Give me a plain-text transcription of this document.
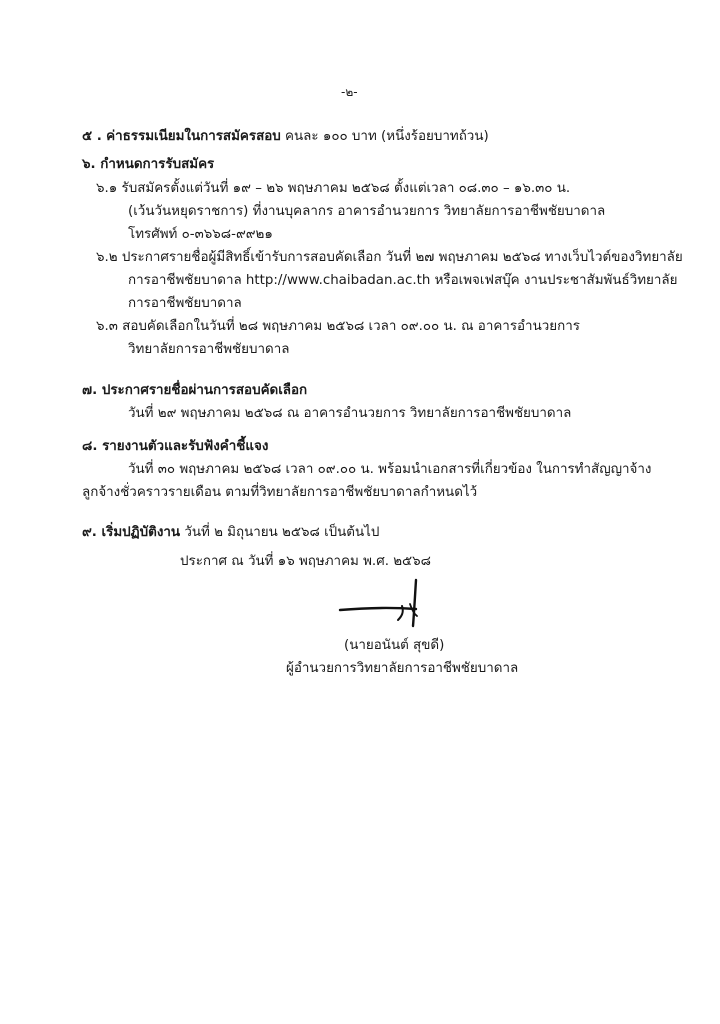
-๒-
๕ . ค่าธรรมเนียมในการสมัครสอบ คนละ ๑๐๐ บาท (หนึ่งร้อยบาทถ้วน)
๖. กำหนดการรับสมัคร
๖.๑ รับสมัครตั้งแต่วันที่ ๑๙ – ๒๖ พฤษภาคม ๒๕๖๘ ตั้งแต่เวลา ๐๘.๓๐ – ๑๖.๓๐ น.
(เว้นวันหยุดราชการ) ที่งานบุคลากร อาคารอำนวยการ วิทยาลัยการอาชีพชัยบาดาล
โทรศัพท์ ๐-๓๖๖๘-๙๙๒๑
๖.๒ ประกาศรายชื่อผู้มีสิทธิ์เข้ารับการสอบคัดเลือก วันที่ ๒๗ พฤษภาคม ๒๕๖๘ ทางเว็บไวต์ของวิทยาลัย
การอาชีพชัยบาดาล http://www.chaibadan.ac.th หรือเพจเฟสบุ๊ค งานประชาสัมพันธ์วิทยาลัย
การอาชีพชัยบาดาล
๖.๓ สอบคัดเลือกในวันที่ ๒๘ พฤษภาคม ๒๕๖๘ เวลา ๐๙.๐๐ น. ณ อาคารอำนวยการ
วิทยาลัยการอาชีพชัยบาดาล
๗. ประกาศรายชื่อผ่านการสอบคัดเลือก
วันที่ ๒๙ พฤษภาคม ๒๕๖๘ ณ อาคารอำนวยการ วิทยาลัยการอาชีพชัยบาดาล
๘. รายงานตัวและรับฟังคำชี้แจง
วันที่ ๓๐ พฤษภาคม ๒๕๖๘ เวลา ๐๙.๐๐ น. พร้อมนำเอกสารที่เกี่ยวข้อง ในการทำสัญญาจ้าง
ลูกจ้างชั่วคราวรายเดือน ตามที่วิทยาลัยการอาชีพชัยบาดาลกำหนดไว้
๙. เริ่มปฏิบัติงาน วันที่ ๒ มิถุนายน ๒๕๖๘ เป็นต้นไป
ประกาศ ณ วันที่ ๑๖ พฤษภาคม พ.ศ. ๒๕๖๘
(นายอนันต์ สุขดี)
ผู้อำนวยการวิทยาลัยการอาชีพชัยบาดาล
